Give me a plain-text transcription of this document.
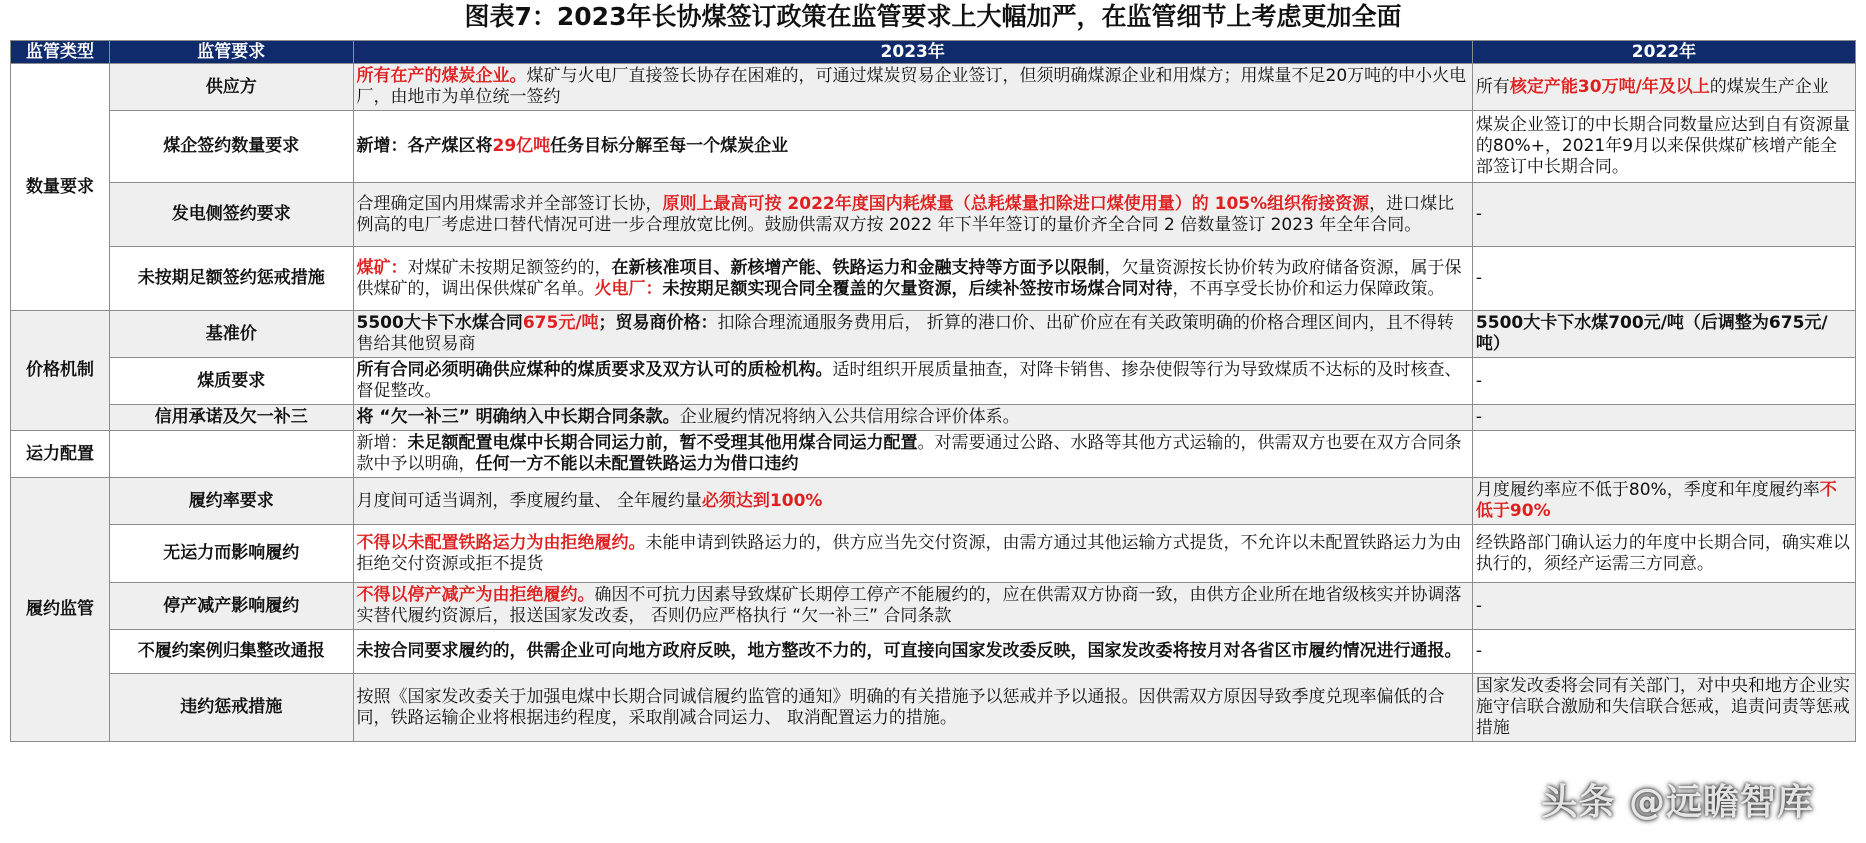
图表7：2023年长协煤签订政策在监管要求上大幅加严，在监管细节上考虑更加全面
监管类型	监管要求	2023年	2022年
数量要求	供应方	所有在产的煤炭企业。煤矿与火电厂直接签长协存在困难的，可通过煤炭贸易企业签订，但须明确煤源企业和用煤方；用煤量不足20万吨的中小火电厂，由地市为单位统一签约	所有核定产能30万吨/年及以上的煤炭生产企业
	煤企签约数量要求	新增：各产煤区将29亿吨任务目标分解至每一个煤炭企业	煤炭企业签订的中长期合同数量应达到自有资源量的80%+，2021年9月以来保供煤矿核增产能全部签订中长期合同。
	发电侧签约要求	合理确定国内用煤需求并全部签订长协，原则上最高可按 2022年度国内耗煤量（总耗煤量扣除进口煤使用量）的 105%组织衔接资源，进口煤比例高的电厂考虑进口替代情况可进一步合理放宽比例。鼓励供需双方按 2022 年下半年签订的量价齐全合同 2 倍数量签订 2023 年全年合同。	-
	未按期足额签约惩戒措施	煤矿：对煤矿未按期足额签约的，在新核准项目、新核增产能、铁路运力和金融支持等方面予以限制，欠量资源按长协价转为政府储备资源，属于保供煤矿的，调出保供煤矿名单。火电厂：未按期足额实现合同全覆盖的欠量资源，后续补签按市场煤合同对待，不再享受长协价和运力保障政策。	-
价格机制	基准价	5500大卡下水煤合同675元/吨；贸易商价格：扣除合理流通服务费用后， 折算的港口价、出矿价应在有关政策明确的价格合理区间内，且不得转售给其他贸易商	5500大卡下水煤700元/吨（后调整为675元/吨）
	煤质要求	所有合同必须明确供应煤种的煤质要求及双方认可的质检机构。适时组织开展质量抽查，对降卡销售、掺杂使假等行为导致煤质不达标的及时核查、督促整改。	-
	信用承诺及欠一补三	将 “欠一补三” 明确纳入中长期合同条款。企业履约情况将纳入公共信用综合评价体系。	-
运力配置		新增：未足额配置电煤中长期合同运力前，暂不受理其他用煤合同运力配置。对需要通过公路、水路等其他方式运输的，供需双方也要在双方合同条款中予以明确，任何一方不能以未配置铁路运力为借口违约	
履约监管	履约率要求	月度间可适当调剂，季度履约量、 全年履约量必须达到100%	月度履约率应不低于80%，季度和年度履约率不低于90%
	无运力而影响履约	不得以未配置铁路运力为由拒绝履约。未能申请到铁路运力的，供方应当先交付资源，由需方通过其他运输方式提货，不允许以未配置铁路运力为由拒绝交付资源或拒不提货	经铁路部门确认运力的年度中长期合同，确实难以执行的，须经产运需三方同意。
	停产减产影响履约	不得以停产减产为由拒绝履约。确因不可抗力因素导致煤矿长期停工停产不能履约的，应在供需双方协商一致，由供方企业所在地省级核实并协调落实替代履约资源后，报送国家发改委， 否则仍应严格执行 “欠一补三” 合同条款	-
	不履约案例归集整改通报	未按合同要求履约的，供需企业可向地方政府反映，地方整改不力的，可直接向国家发改委反映，国家发改委将按月对各省区市履约情况进行通报。	-
	违约惩戒措施	按照《国家发改委关于加强电煤中长期合同诚信履约监管的通知》明确的有关措施予以惩戒并予以通报。因供需双方原因导致季度兑现率偏低的合同，铁路运输企业将根据违约程度，采取削减合同运力、 取消配置运力的措施。	国家发改委将会同有关部门，对中央和地方企业实施守信联合激励和失信联合惩戒，追责问责等惩戒措施
头条 @远瞻智库
